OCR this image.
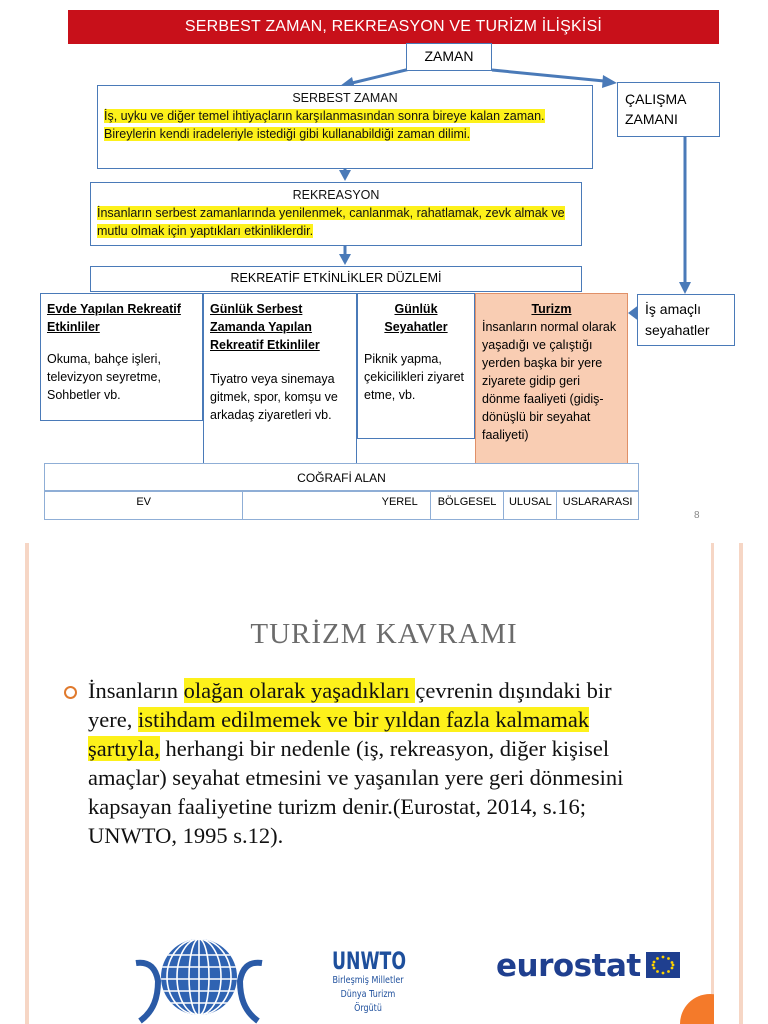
SERBEST ZAMAN, REKREASYON VE TURİZM İLİŞKİSİ
ZAMAN
SERBEST ZAMAN
İş, uyku ve diğer temel ihtiyaçların karşılanmasından sonra bireye kalan zaman. Bireylerin kendi iradeleriyle istediği gibi kullanabildiği zaman dilimi.
ÇALIŞMA ZAMANI
REKREASYON
İnsanların serbest zamanlarında yenilenmek, canlanmak, rahatlamak, zevk almak ve mutlu olmak için yaptıkları etkinliklerdir.
REKREATİF ETKİNLİKLER DÜZLEMİ
Evde Yapılan Rekreatif Etkinliler
Okuma, bahçe işleri, televizyon seyretme, Sohbetler vb.
Günlük Serbest Zamanda Yapılan Rekreatif Etkinliler
Tiyatro veya sinemaya gitmek, spor, komşu ve arkadaş ziyaretleri vb.
Günlük Seyahatler
Piknik yapma, çekicilikleri ziyaret etme, vb.
Turizm
İnsanların normal olarak yaşadığı ve çalıştığı yerden başka bir yere ziyarete gidip geri dönme faaliyeti (gidiş-dönüşlü bir seyahat faaliyeti)
İş amaçlı seyahatler
COĞRAFİ ALAN
EV	YEREL	BÖLGESEL	ULUSAL	USLARARASI
8
TURİZM KAVRAMI
İnsanların olağan olarak yaşadıkları çevrenin dışındaki bir yere, istihdam edilmemek ve bir yıldan fazla kalmamak şartıyla, herhangi bir nedenle (iş, rekreasyon, diğer kişisel amaçlar) seyahat etmesini ve yaşanılan yere geri dönmesini kapsayan faaliyetine turizm denir.(Eurostat, 2014, s.16; UNWTO, 1995 s.12).
UNWTO
Birleşmiş Milletler
Dünya Turizm Örgütü
eurostat
